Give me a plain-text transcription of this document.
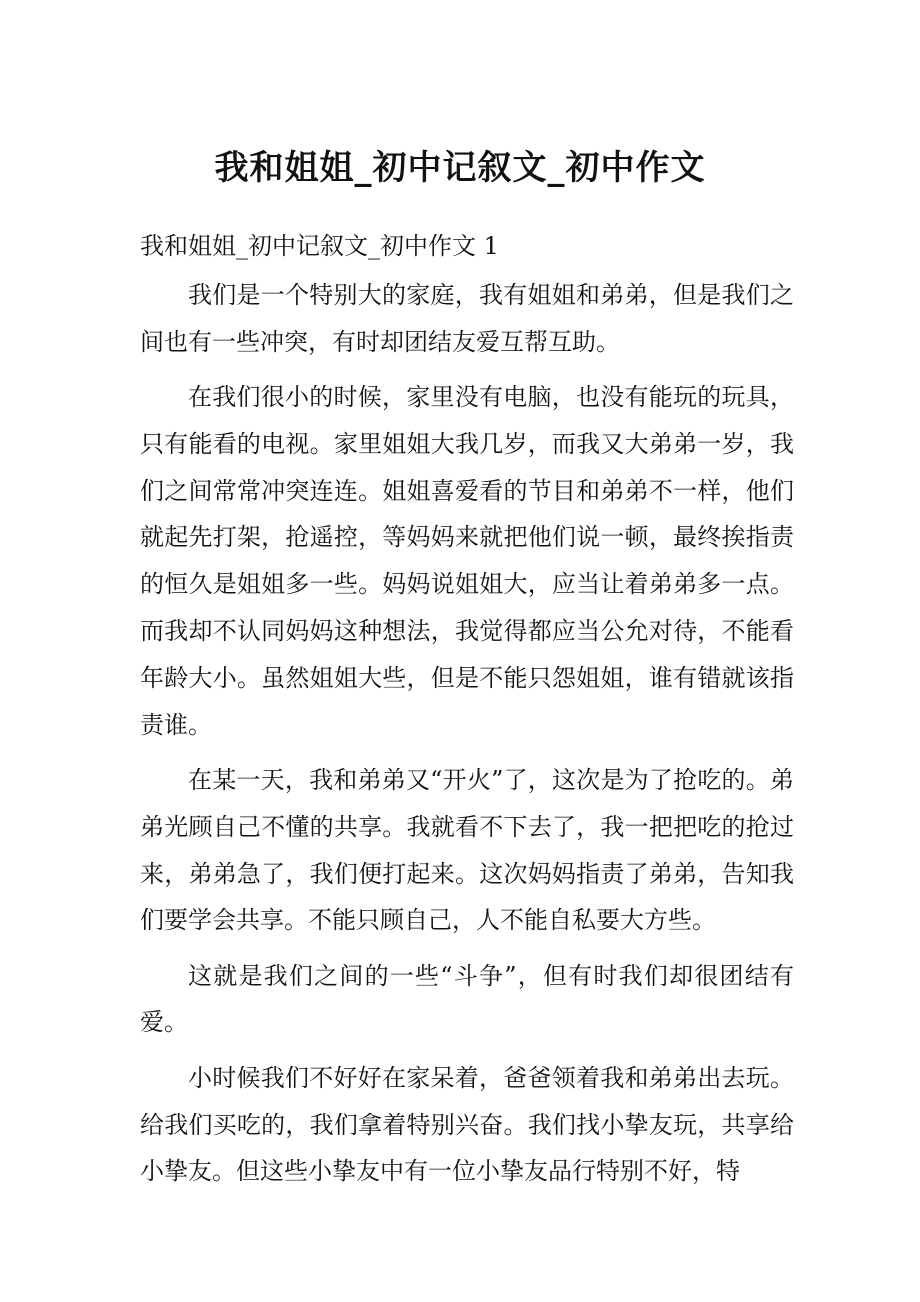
我和姐姐_初中记叙文_初中作文
我和姐姐_初中记叙文_初中作文 1

我们是一个特别大的家庭，我有姐姐和弟弟，但是我们之间也有一些冲突，有时却团结友爱互帮互助。

在我们很小的时候，家里没有电脑，也没有能玩的玩具，只有能看的电视。家里姐姐大我几岁，而我又大弟弟一岁，我们之间常常冲突连连。姐姐喜爱看的节目和弟弟不一样，他们就起先打架，抢遥控，等妈妈来就把他们说一顿，最终挨指责的恒久是姐姐多一些。妈妈说姐姐大，应当让着弟弟多一点。而我却不认同妈妈这种想法，我觉得都应当公允对待，不能看年龄大小。虽然姐姐大些，但是不能只怨姐姐，谁有错就该指责谁。

在某一天，我和弟弟又“开火”了，这次是为了抢吃的。弟弟光顾自己不懂的共享。我就看不下去了，我一把把吃的抢过来，弟弟急了，我们便打起来。这次妈妈指责了弟弟，告知我们要学会共享。不能只顾自己，人不能自私要大方些。

这就是我们之间的一些“斗争”，但有时我们却很团结有爱。

小时候我们不好好在家呆着，爸爸领着我和弟弟出去玩。给我们买吃的，我们拿着特别兴奋。我们找小挚友玩，共享给小挚友。但这些小挚友中有一位小挚友品行特别不好，特
